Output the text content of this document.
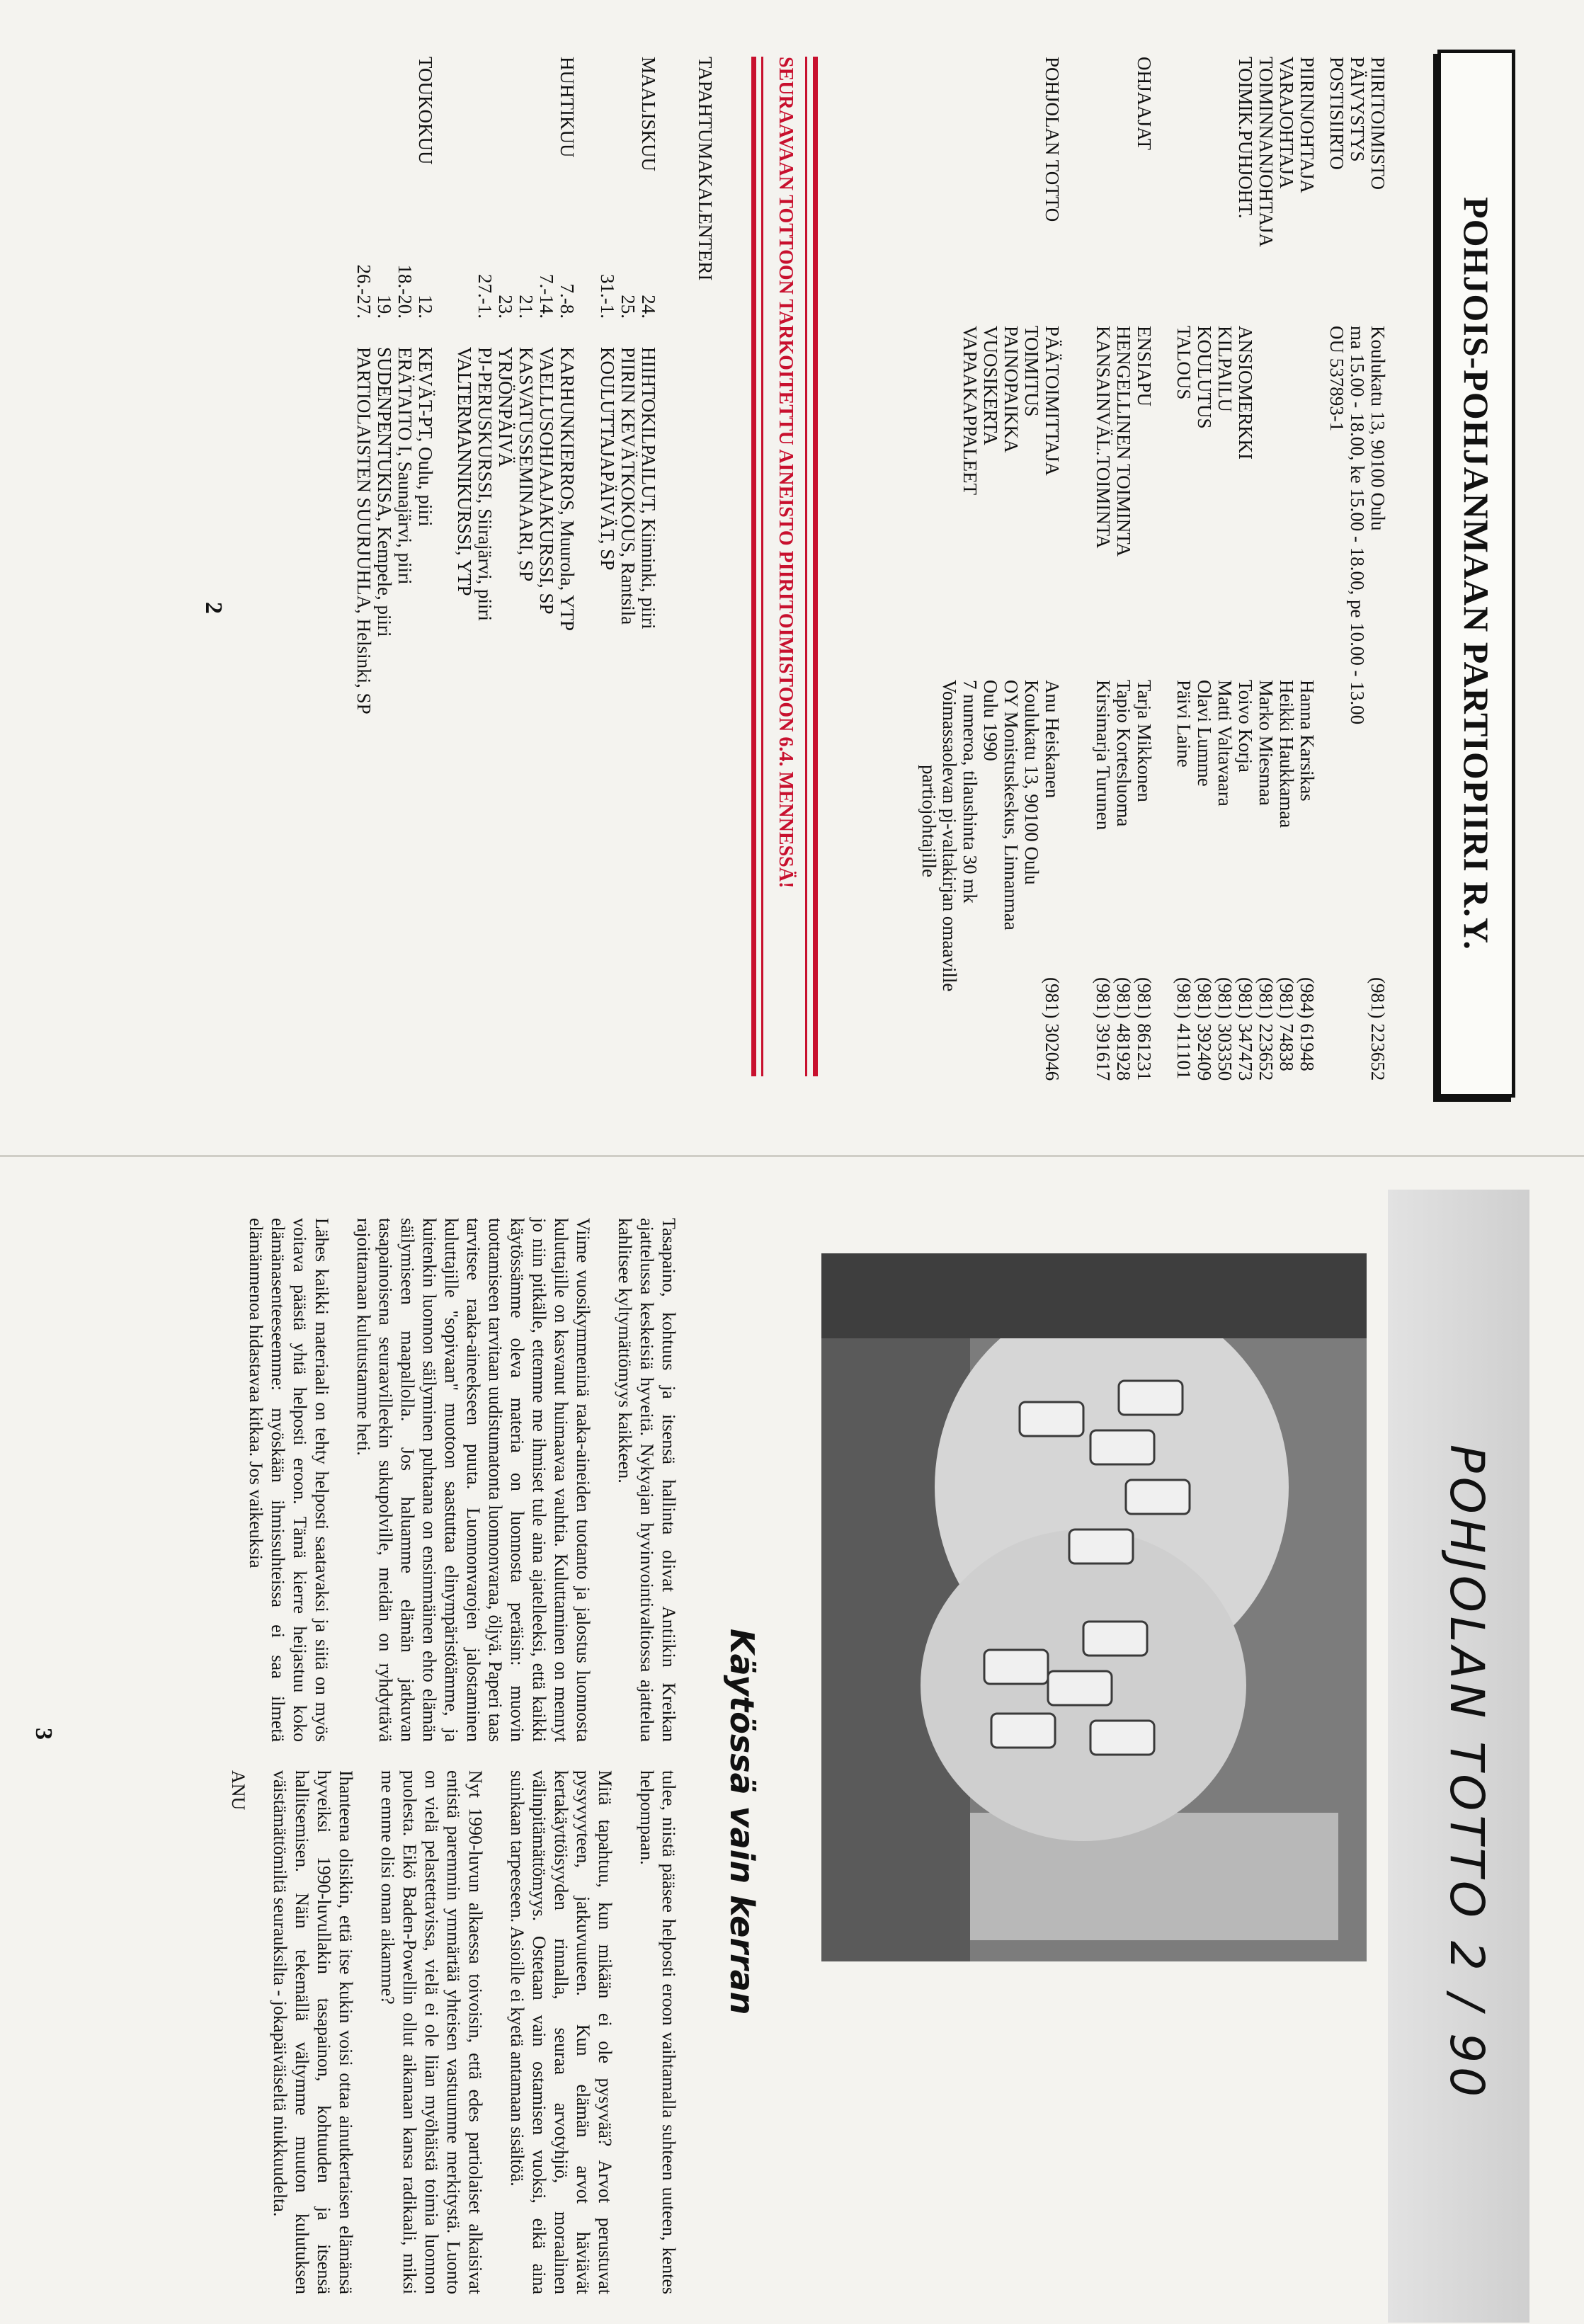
POHJOIS-POHJANMAAN PARTIOPIIRI R.Y.
PIIRITOIMISTO
PÄIVYSTYS
POSTISIIRTO
Koulukatu 13, 90100 Oulu
ma 15.00 - 18.00, ke 15.00 - 18.00, pe 10.00 - 13.00
OU 537893-1
(981) 223652
PIIRINJOHTAJA
VARAJOHTAJA
TOIMINNANJOHTAJA
TOIMIK.PUHJOHT.
ANSIOMERKKI
KILPAILU
KOULUTUS
TALOUS
Hanna Karsikas
Heikki Haukkamaa
Marko Miesmaa
Toivo Korja
Matti Valtavaara
Olavi Lumme
Päivi Laine
(984) 61948
(981) 74838
(981) 223652
(981) 347473
(981) 303350
(981) 392409
(981) 411101
OHJAAJAT
ENSIAPU
HENGELLINEN TOIMINTA
KANSAINVÄL.TOIMINTA
Tarja Mikkonen
Tapio Kortesluoma
Kirsimarja Turunen
(981) 861231
(981) 481928
(981) 391617
POHJOLAN TOTTO
PÄÄTOIMITTAJA
TOIMITUS
PAINOPAIKKA
VUOSIKERTA
VAPAAKAPPALEET
Anu Heiskanen
Koulukatu 13, 90100 Oulu
OY Monistuskeskus, Linnanmaa
Oulu 1990
7 numeroa, tilaushinta 30 mk
Voimassaolevan pj-valtakirjan omaaville
partiojohtajille
(981) 302046
SEURAAVAAN TOTTOON TARKOITETTU AINEISTO PIIRITOIMISTOON 6.4. MENNESSÄ!
TAPAHTUMAKALENTERI
MAALISKUU
24.
25.
31.-1.
HIIHTOKILPAILUT, Kiiminki, piiri
PIIRIN KEVÄTKOKOUS, Rantsila
KOULUTTAJAPÄIVÄT, SP
HUHTIKUU
7.-8.
7.-14.
21.
23.
27.-1.
KARHUNKIERROS, Muurola, YTP
VAELLUSOHJAAJAKURSSI, SP
KASVATUSSEMINAARI, SP
YRJÖNPÄIVÄ
PJ-PERUSKURSSI, Siirajärvi, piiri
VALTERMANNIKURSSI, YTP
TOUKOKUU
12.
18.-20.
19.
26.-27.
KEVÄT-PT, Oulu, piiri
ERÄTAITO I, Saunajärvi, piiri
SUDENPENTUKISA, Kempele, piiri
PARTIOLAISTEN SUURJUHLA, Helsinki, SP
2
POHJOLAN TOTTO 2 / 90
Käytössä vain kerran

Tasapaino, kohtuus ja itsensä hallinta olivat Antiikin Kreikan ajattelussa keskeisiä hyveitä. Nykyajan hyvinvointivaltiossa ajattelua kahlitsee kyltymättömyys kaikkeen.

Viime vuosikymmeninä raaka-aineiden tuotanto ja jalostus luonnosta kuluttajille on kasvanut huimaavaa vauhtia. Kuluttaminen on mennyt jo niin pitkälle, ettemme me ihmiset tule aina ajatelleeksi, että kaikki käytössämme oleva materia on luonnosta peräisin: muovin tuottamiseen tarvitaan uudistumatonta luonnonvaraa, öljyä. Paperi taas tarvitsee raaka-aineekseen puuta. Luonnonvarojen jalostaminen kuluttajille "sopivaan" muotoon saastuttaa elinympäristöämme, ja kuitenkin luonnon säilyminen puhtaana on ensimmäinen ehto elämän säilymiseen maapallolla. Jos haluamme elämän jatkuvan tasapainoisena seuraavilleekin sukupolville, meidän on ryhdyttävä rajoittamaan kulutustamme heti.

Lähes kaikki materiaali on tehty helposti saatavaksi ja siitä on myös voitava päästä yhtä helposti eroon. Tämä kierre heijastuu koko elämänasenteeseemme: myöskään ihmissuhteissa ei saa ilmetä elämänmenoa hidastavaa kitkaa. Jos vaikeuksia

tulee, niistä pääsee helposti eroon vaihtamalla suhteen uuteen, kentes helpompaan.

Mitä tapahtuu, kun mikään ei ole pysyvää? Arvot perustuvat pysyvyyteen, jatkuvuuteen. Kun elämän arvot häviävät kertakäyttöisyyden rinnalla, seuraa arvotyhjiö, moraalinen välinpitämättömyys. Ostetaan vain ostamisen vuoksi, eikä aina suinkaan tarpeeseen. Asioille ei kyetä antamaan sisältöä.

Nyt 1990-luvun alkaessa toivoisin, että edes partiolaiset alkaisivat entistä paremmin ymmärtää yhteisen vastuumme merkitystä. Luonto on vielä pelastettavissa, vielä ei ole liian myöhäistä toimia luonnon puolesta. Eikö Baden-Powellin ollut aikanaan kansa radikaali, miksi me emme olisi oman aikamme?

Ihanteena olisikin, että itse kukin voisi ottaa ainutkertaisen elämänsä hyveiksi 1990-luvullakin tasapainon, kohtuuden ja itsensä hallitsemisen. Näin tekemällä vältymme muuton kulutuksen väistämättömiltä seurauksilta - jokapäiväiseltä niukkuudelta.

ANU

3
